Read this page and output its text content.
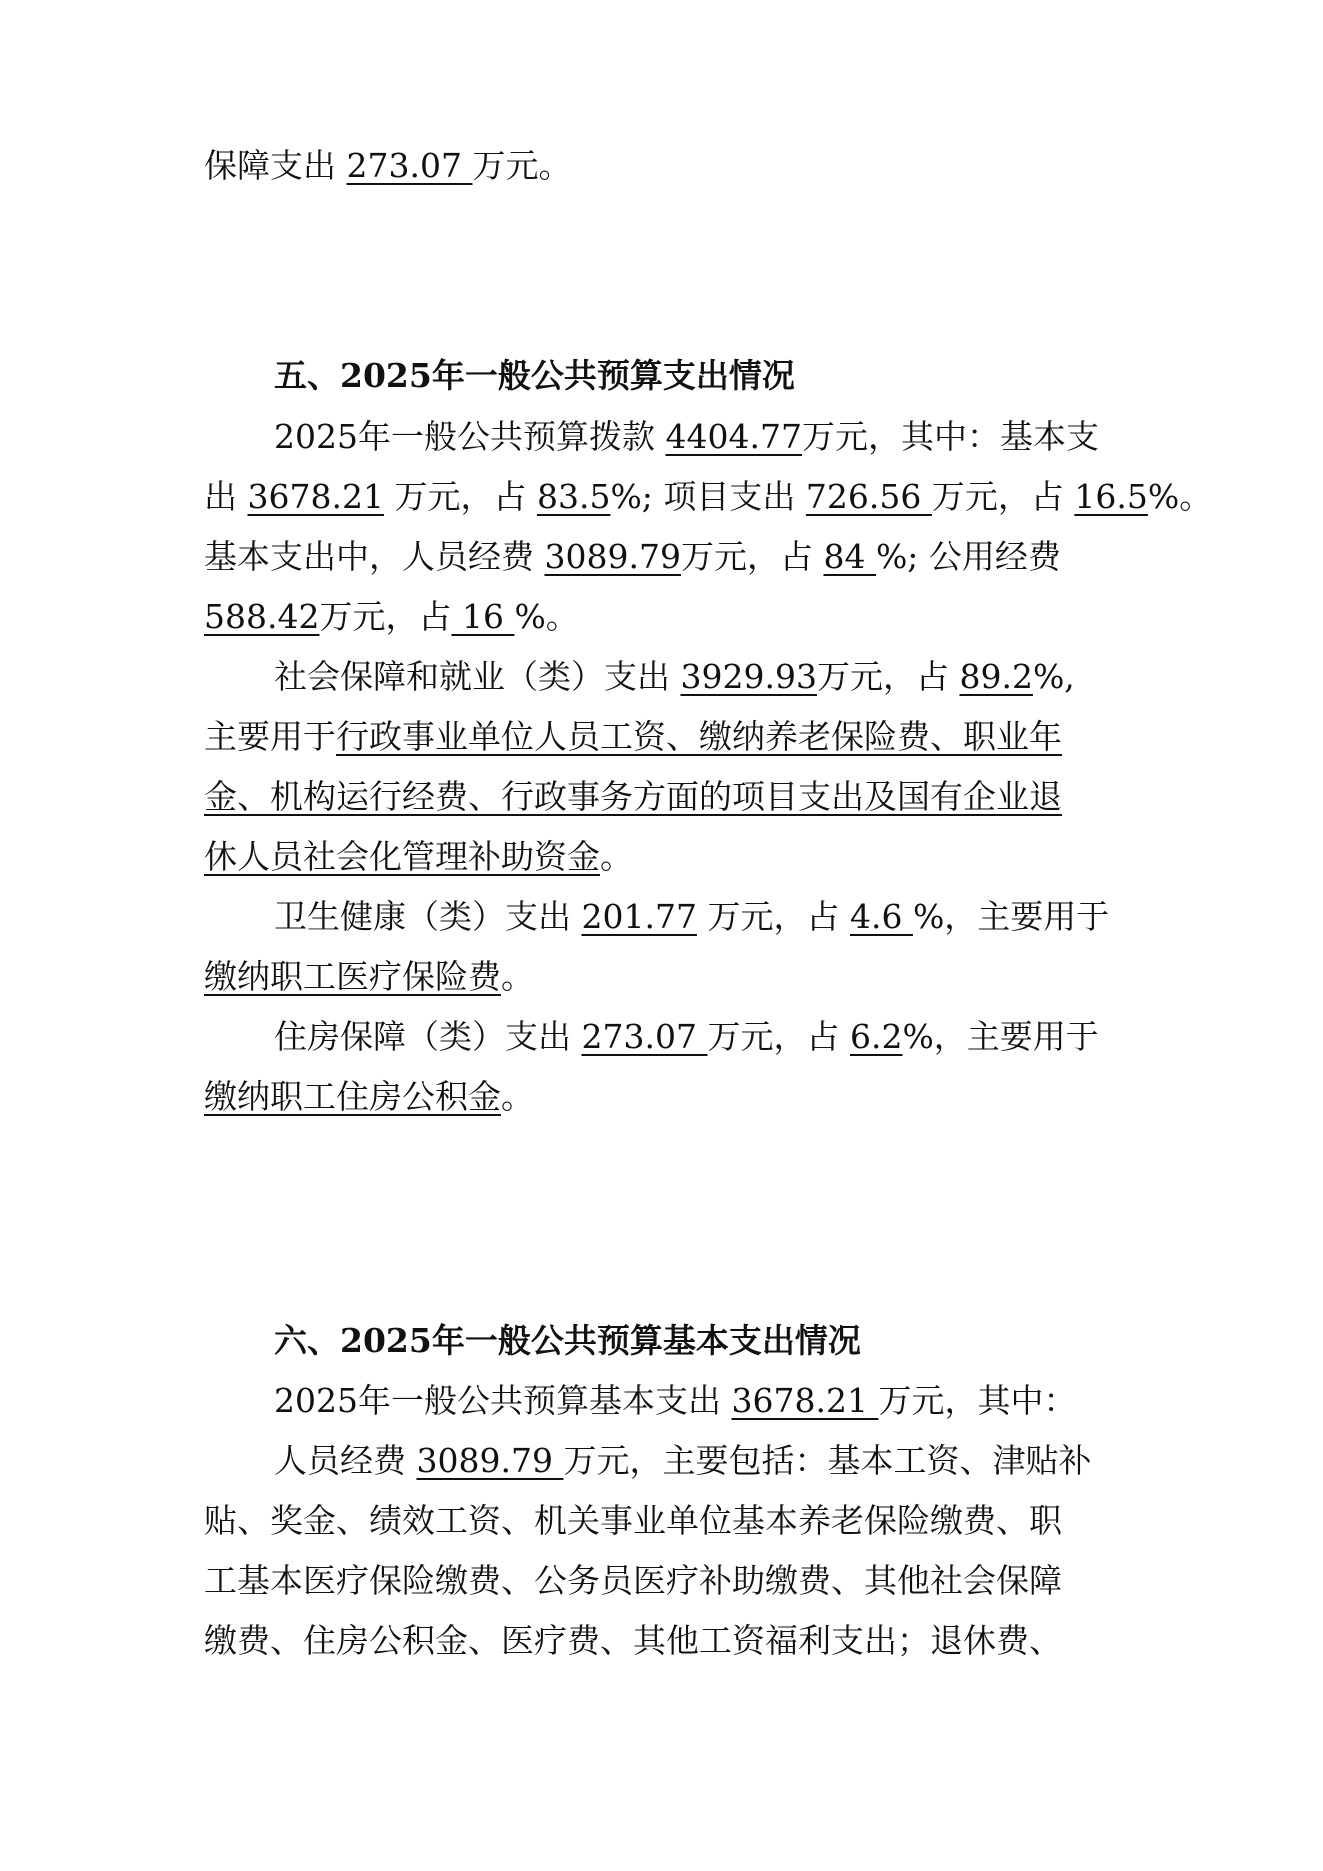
保障支出 273.07 万元。
五、2025年一般公共预算支出情况
2025年一般公共预算拨款 4404.77万元，其中：基本支
出 3678.21 万元，占 83.5%; 项目支出 726.56 万元，占 16.5%。
基本支出中，人员经费 3089.79万元，占 84 %; 公用经费
588.42万元，占 16 %。
社会保障和就业（类）支出 3929.93万元，占 89.2%,
主要用于行政事业单位人员工资、缴纳养老保险费、职业年
金、机构运行经费、行政事务方面的项目支出及国有企业退
休人员社会化管理补助资金。
卫生健康（类）支出 201.77 万元，占 4.6 %，主要用于
缴纳职工医疗保险费。
住房保障（类）支出 273.07 万元，占 6.2%，主要用于
缴纳职工住房公积金。
六、2025年一般公共预算基本支出情况
2025年一般公共预算基本支出 3678.21 万元，其中：
人员经费 3089.79 万元，主要包括：基本工资、津贴补
贴、奖金、绩效工资、机关事业单位基本养老保险缴费、职
工基本医疗保险缴费、公务员医疗补助缴费、其他社会保障
缴费、住房公积金、医疗费、其他工资福利支出；退休费、
